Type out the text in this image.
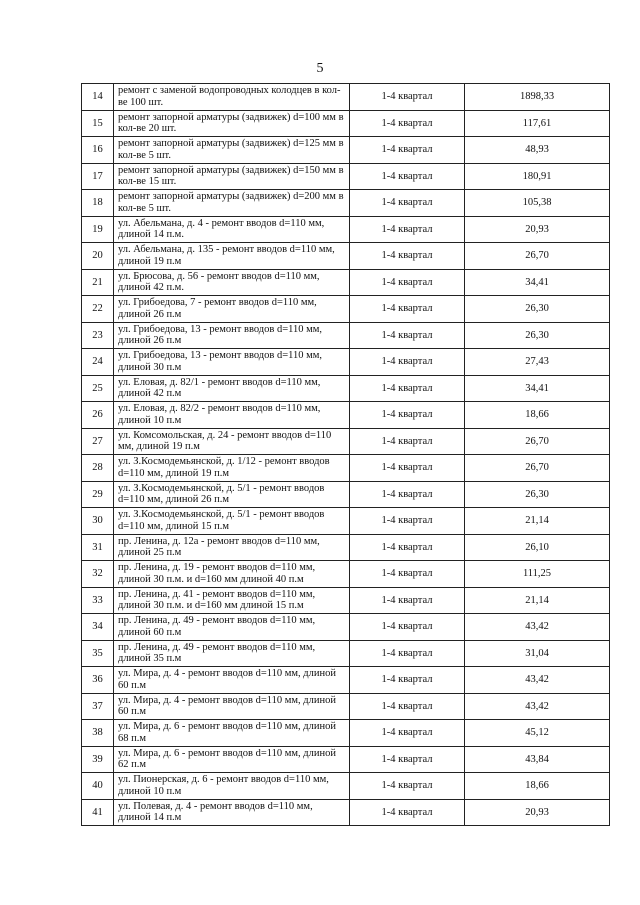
5
14	ремонт с заменой водопроводных колодцев в кол-ве 100 шт.	1-4 квартал	1898,33
15	ремонт запорной арматуры (задвижек) d=100 мм в кол-ве 20 шт.	1-4 квартал	117,61
16	ремонт запорной арматуры (задвижек) d=125 мм в кол-ве 5 шт.	1-4 квартал	48,93
17	ремонт запорной арматуры (задвижек) d=150 мм в кол-ве 15 шт.	1-4 квартал	180,91
18	ремонт запорной арматуры (задвижек) d=200 мм в кол-ве 5 шт.	1-4 квартал	105,38
19	ул. Абельмана, д. 4 - ремонт вводов d=110 мм, длиной 14 п.м.	1-4 квартал	20,93
20	ул. Абельмана, д. 135 - ремонт вводов d=110 мм, длиной 19 п.м	1-4 квартал	26,70
21	ул. Брюсова, д. 56 - ремонт вводов d=110 мм, длиной 42 п.м.	1-4 квартал	34,41
22	ул. Грибоедова, 7 - ремонт вводов d=110 мм, длиной 26 п.м	1-4 квартал	26,30
23	ул. Грибоедова, 13 - ремонт вводов d=110 мм, длиной 26 п.м	1-4 квартал	26,30
24	ул. Грибоедова, 13 - ремонт вводов d=110 мм, длиной 30 п.м	1-4 квартал	27,43
25	ул. Еловая, д. 82/1 - ремонт вводов d=110 мм, длиной 42 п.м	1-4 квартал	34,41
26	ул. Еловая, д. 82/2 - ремонт вводов d=110 мм, длиной 10 п.м	1-4 квартал	18,66
27	ул. Комсомольская, д. 24 - ремонт вводов d=110 мм, длиной 19 п.м	1-4 квартал	26,70
28	ул. З.Космодемьянской, д. 1/12 - ремонт вводов d=110 мм, длиной 19 п.м	1-4 квартал	26,70
29	ул. З.Космодемьянской, д. 5/1 - ремонт вводов d=110 мм, длиной 26 п.м	1-4 квартал	26,30
30	ул. З.Космодемьянской, д. 5/1 - ремонт вводов d=110 мм, длиной 15 п.м	1-4 квартал	21,14
31	пр. Ленина, д. 12а - ремонт вводов d=110 мм, длиной 25 п.м	1-4 квартал	26,10
32	пр. Ленина, д. 19 - ремонт вводов d=110 мм, длиной 30 п.м. и d=160 мм длиной 40 п.м	1-4 квартал	111,25
33	пр. Ленина, д. 41 - ремонт вводов d=110 мм, длиной 30 п.м. и d=160 мм длиной 15 п.м	1-4 квартал	21,14
34	пр. Ленина, д. 49 - ремонт вводов d=110 мм, длиной 60 п.м	1-4 квартал	43,42
35	пр. Ленина, д. 49 - ремонт вводов d=110 мм, длиной 35 п.м	1-4 квартал	31,04
36	ул. Мира, д. 4 - ремонт вводов d=110 мм, длиной 60 п.м	1-4 квартал	43,42
37	ул. Мира, д. 4 - ремонт вводов d=110 мм, длиной 60 п.м	1-4 квартал	43,42
38	ул. Мира, д. 6 - ремонт вводов d=110 мм, длиной 68 п.м	1-4 квартал	45,12
39	ул. Мира, д. 6 - ремонт вводов d=110 мм, длиной 62 п.м	1-4 квартал	43,84
40	ул. Пионерская, д. 6 - ремонт вводов d=110 мм, длиной 10 п.м	1-4 квартал	18,66
41	ул. Полевая, д. 4 - ремонт вводов d=110 мм, длиной 14 п.м	1-4 квартал	20,93
